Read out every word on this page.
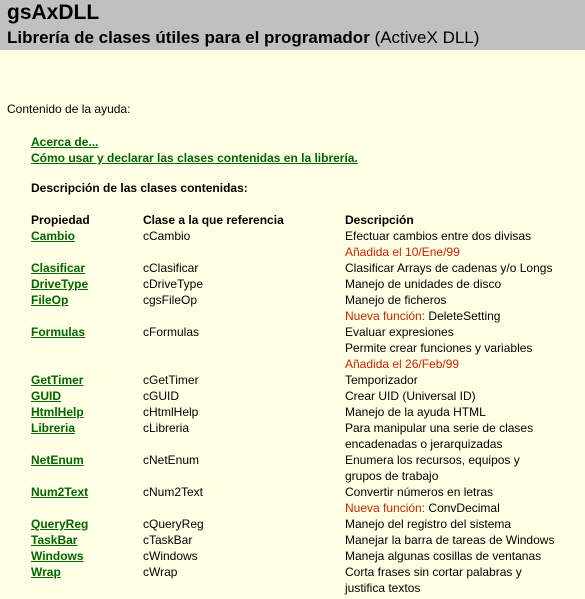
gsAxDLL
Librería de clases útiles para el programador (ActiveX DLL)
Contenido de la ayuda:
Acerca de...
Cómo usar y declarar las clases contenidas en la librería.
Descripción de las clases contenidas:
Propiedad	Clase a la que referencia	Descripción
Cambio	cCambio	Efectuar cambios entre dos divisas
Añadida el 10/Ene/99
Clasificar	cClasificar	Clasificar Arrays de cadenas y/o Longs
DriveType	cDriveType	Manejo de unidades de disco
FileOp	cgsFileOp	Manejo de ficheros
Nueva función: DeleteSetting
Formulas	cFormulas	Evaluar expresiones
Permite crear funciones y variables
Añadida el 26/Feb/99
GetTimer	cGetTimer	Temporizador
GUID	cGUID	Crear UID (Universal ID)
HtmlHelp	cHtmlHelp	Manejo de la ayuda HTML
Libreria	cLibreria	Para manipular una serie de clases
encadenadas o jerarquizadas
NetEnum	cNetEnum	Enumera los recursos, equipos y
grupos de trabajo
Num2Text	cNum2Text	Convertir números en letras
Nueva función: ConvDecimal
QueryReg	cQueryReg	Manejo del registro del sistema
TaskBar	cTaskBar	Manejar la barra de tareas de Windows
Windows	cWindows	Maneja algunas cosillas de ventanas
Wrap	cWrap	Corta frases sin cortar palabras y
justifica textos
